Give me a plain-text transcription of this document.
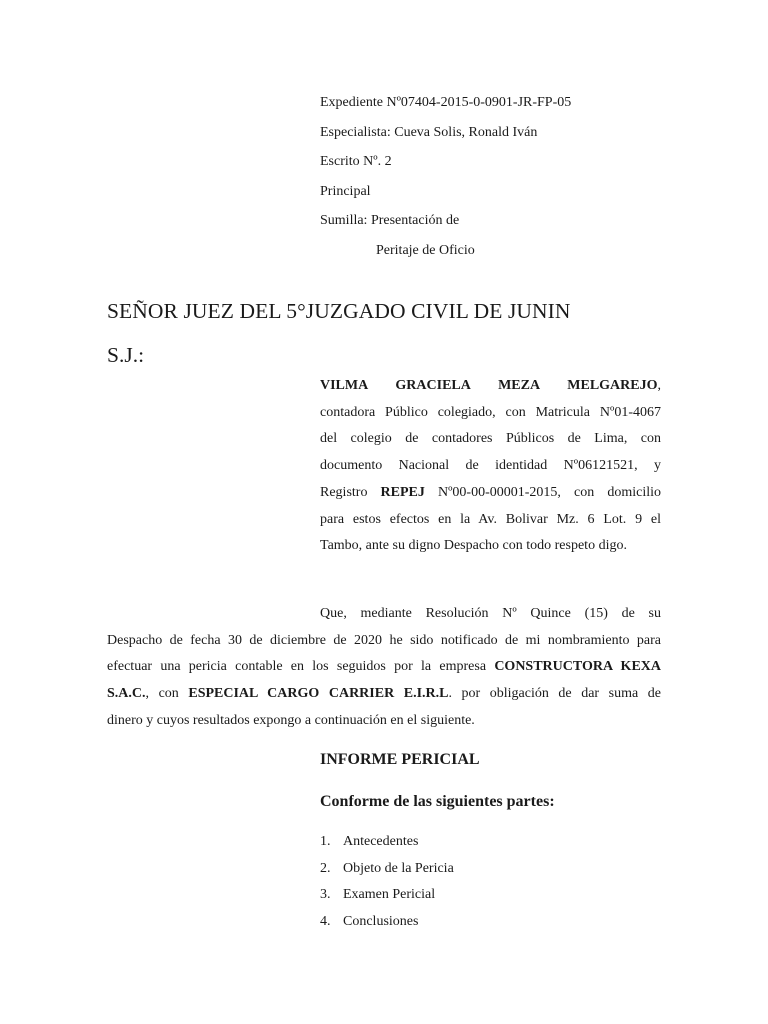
Expediente Nº07404-2015-0-0901-JR-FP-05
Especialista: Cueva Solis, Ronald Iván
Escrito Nº. 2
Principal
Sumilla: Presentación de
Peritaje de Oficio
SEÑOR JUEZ DEL 5°JUZGADO CIVIL DE JUNIN
S.J.:
VILMA GRACIELA MEZA MELGAREJO,
contadora Público colegiado, con Matricula Nº01-4067
del colegio de contadores Públicos de Lima, con
documento Nacional de identidad Nº06121521, y
Registro REPEJ Nº00-00-00001-2015, con domicilio
para estos efectos en la Av. Bolivar Mz. 6 Lot. 9 el
Tambo, ante su digno Despacho con todo respeto digo.
Que, mediante Resolución Nº Quince (15) de su
Despacho de fecha 30 de diciembre de 2020 he sido notificado de mi nombramiento para
efectuar una pericia contable en los seguidos por la empresa CONSTRUCTORA KEXA
S.A.C., con ESPECIAL CARGO CARRIER E.I.R.L. por obligación de dar suma de
dinero y cuyos resultados expongo a continuación en el siguiente.
INFORME PERICIAL
Conforme de las siguientes partes:
1. Antecedentes
2. Objeto de la Pericia
3. Examen Pericial
4. Conclusiones
